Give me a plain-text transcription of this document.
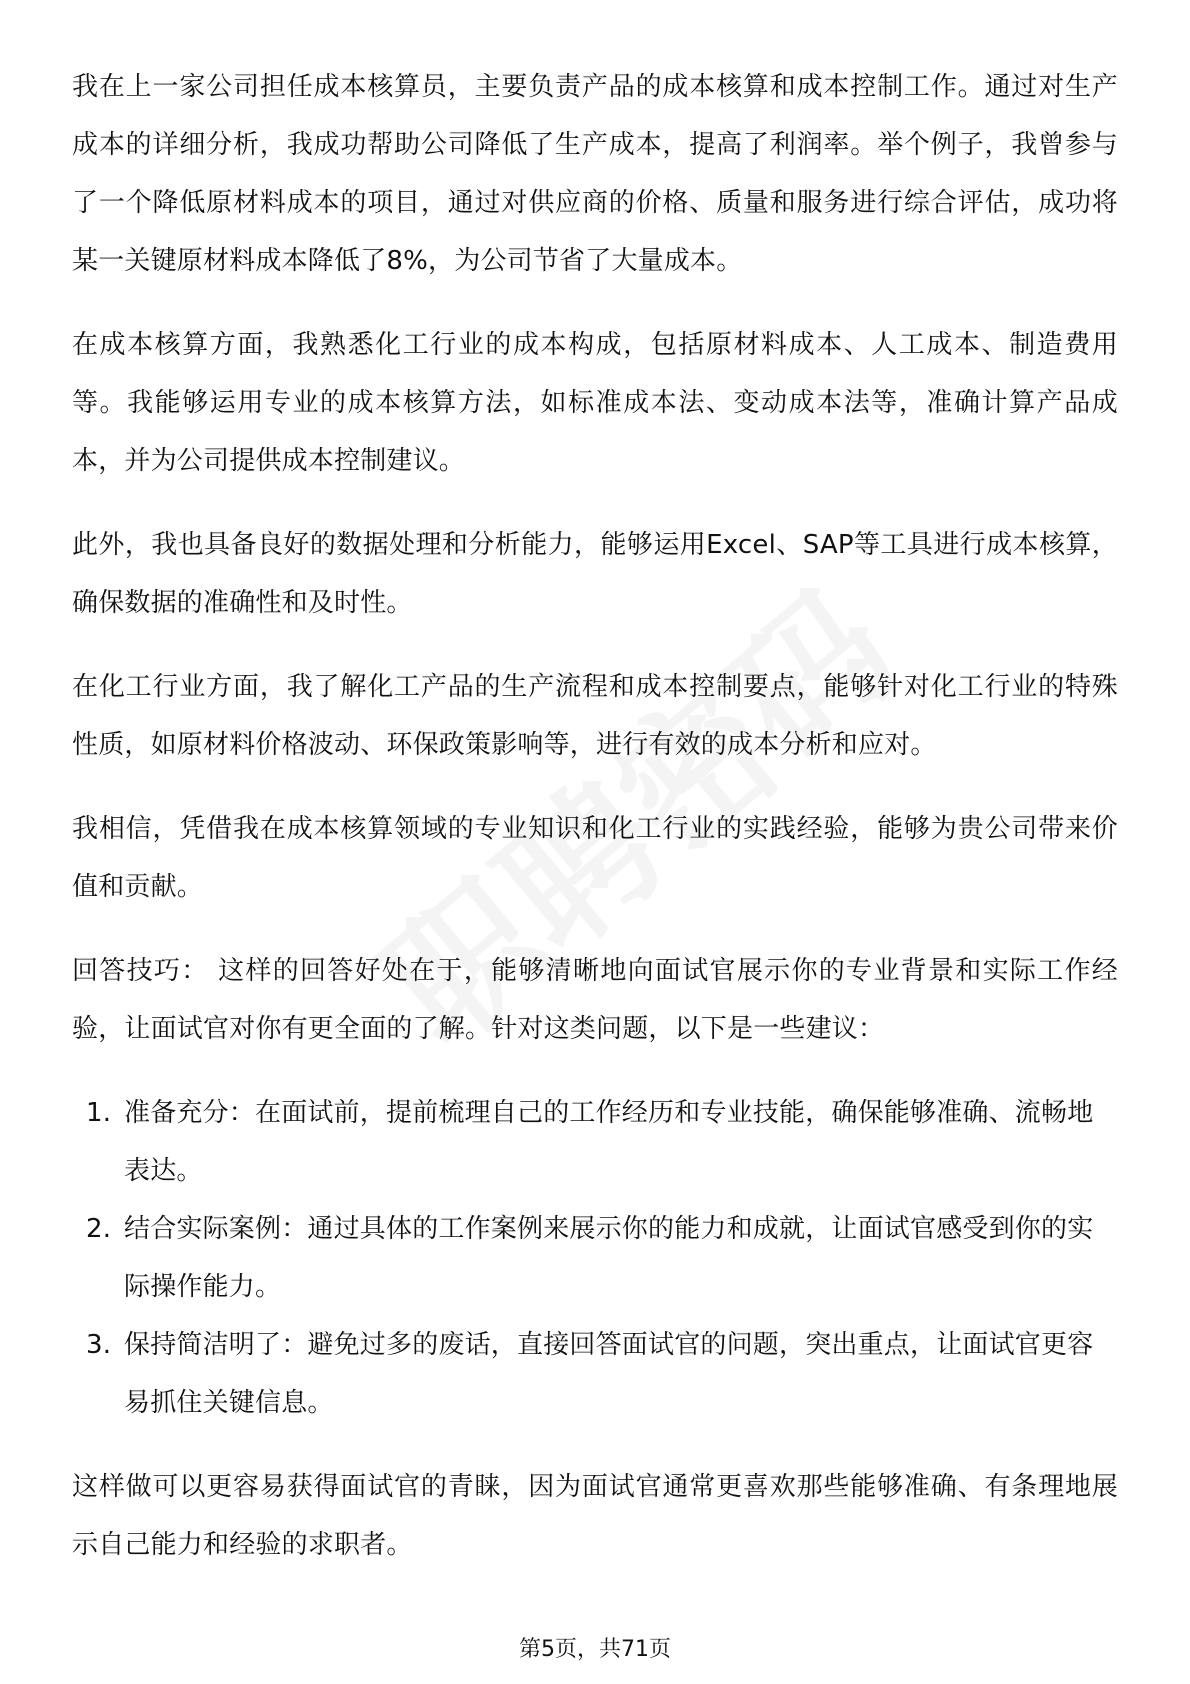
我在上一家公司担任成本核算员，主要负责产品的成本核算和成本控制工作。通过对生产成本的详细分析，我成功帮助公司降低了生产成本，提高了利润率。举个例子，我曾参与了一个降低原材料成本的项目，通过对供应商的价格、质量和服务进行综合评估，成功将某一关键原材料成本降低了8%，为公司节省了大量成本。

在成本核算方面，我熟悉化工行业的成本构成，包括原材料成本、人工成本、制造费用等。我能够运用专业的成本核算方法，如标准成本法、变动成本法等，准确计算产品成本，并为公司提供成本控制建议。

此外，我也具备良好的数据处理和分析能力，能够运用Excel、SAP等工具进行成本核算，确保数据的准确性和及时性。

在化工行业方面，我了解化工产品的生产流程和成本控制要点，能够针对化工行业的特殊性质，如原材料价格波动、环保政策影响等，进行有效的成本分析和应对。

我相信，凭借我在成本核算领域的专业知识和化工行业的实践经验，能够为贵公司带来价值和贡献。

回答技巧： 这样的回答好处在于，能够清晰地向面试官展示你的专业背景和实际工作经验，让面试官对你有更全面的了解。针对这类问题，以下是一些建议：

1. 准备充分：在面试前，提前梳理自己的工作经历和专业技能，确保能够准确、流畅地表达。
2. 结合实际案例：通过具体的工作案例来展示你的能力和成就，让面试官感受到你的实际操作能力。
3. 保持简洁明了：避免过多的废话，直接回答面试官的问题，突出重点，让面试官更容易抓住关键信息。

这样做可以更容易获得面试官的青睐，因为面试官通常更喜欢那些能够准确、有条理地展示自己能力和经验的求职者。

第5页，共71页
